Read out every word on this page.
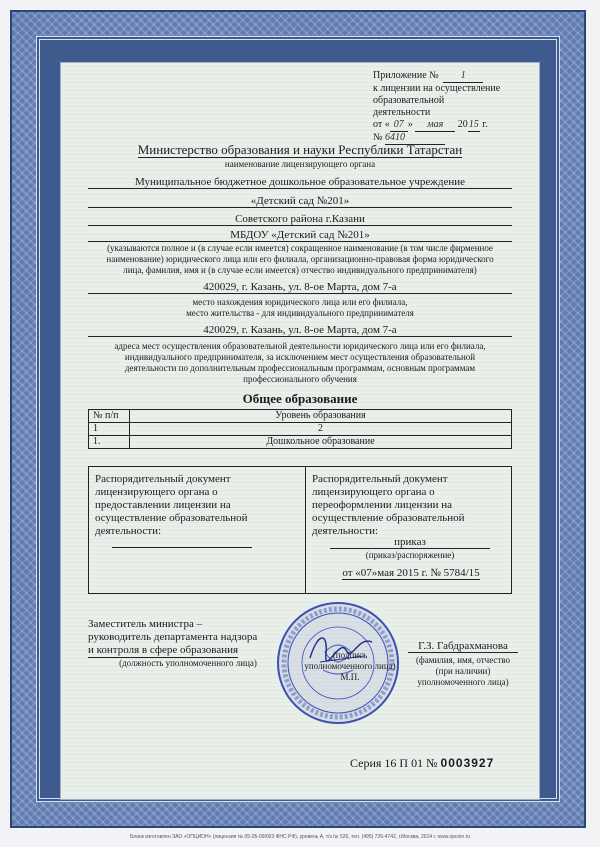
Приложение № 1
к лицензии на осуществление
образовательной деятельности
от « 07 » мая 2015 г.
№ 6410
Министерство образования и науки Республики Татарстан
наименование лицензирующего органа
Муниципальное бюджетное дошкольное образовательное учреждение
«Детский сад №201»
Советского района г.Казани
МБДОУ «Детский сад №201»
(указываются полное и (в случае если имеется) сокращенное наименование (в том числе фирменное
наименование) юридического лица или его филиала, организационно-правовая форма юридического
лица, фамилия, имя и (в случае если имеется) отчество индивидуального предпринимателя)
420029, г. Казань, ул. 8-ое Марта, дом 7-а
место нахождения юридического лица или его филиала,
место жительства - для индивидуального предпринимателя
420029, г. Казань, ул. 8-ое Марта, дом 7-а
адреса мест осуществления образовательной деятельности юридического лица или его филиала,
индивидуального предпринимателя, за исключением мест осуществления образовательной
деятельности по дополнительным профессиональным программам, основным программам
профессионального обучения
Общее образование
№ п/п	Уровень образования
1	2
1.	Дошкольное образование
Распорядительный документ
лицензирующего органа о
предоставлении лицензии на
осуществление образовательной
деятельности:
Распорядительный документ
лицензирующего органа о
переоформлении лицензии на
осуществление образовательной
деятельности:
приказ
(приказ/распоряжение)
от «07»мая 2015 г. № 5784/15
Заместитель министра –
руководитель департамента надзора
и контроля в сфере образования
(должность уполномоченного лица)
(подпись
уполномоченного лица)
М.П.
Г.З. Габдрахманова
(фамилия, имя, отчество
(при наличии)
уполномоченного лица)
Серия 16 П 01 № 0003927
Бланк изготовлен ЗАО «ОПЦИОН» (лицензия № 05-05-09/003 ФНС РФ), уровень А, т/з № 526, тел. (495) 726-4742, г.Москва, 2014 г. www.opcion.ru
